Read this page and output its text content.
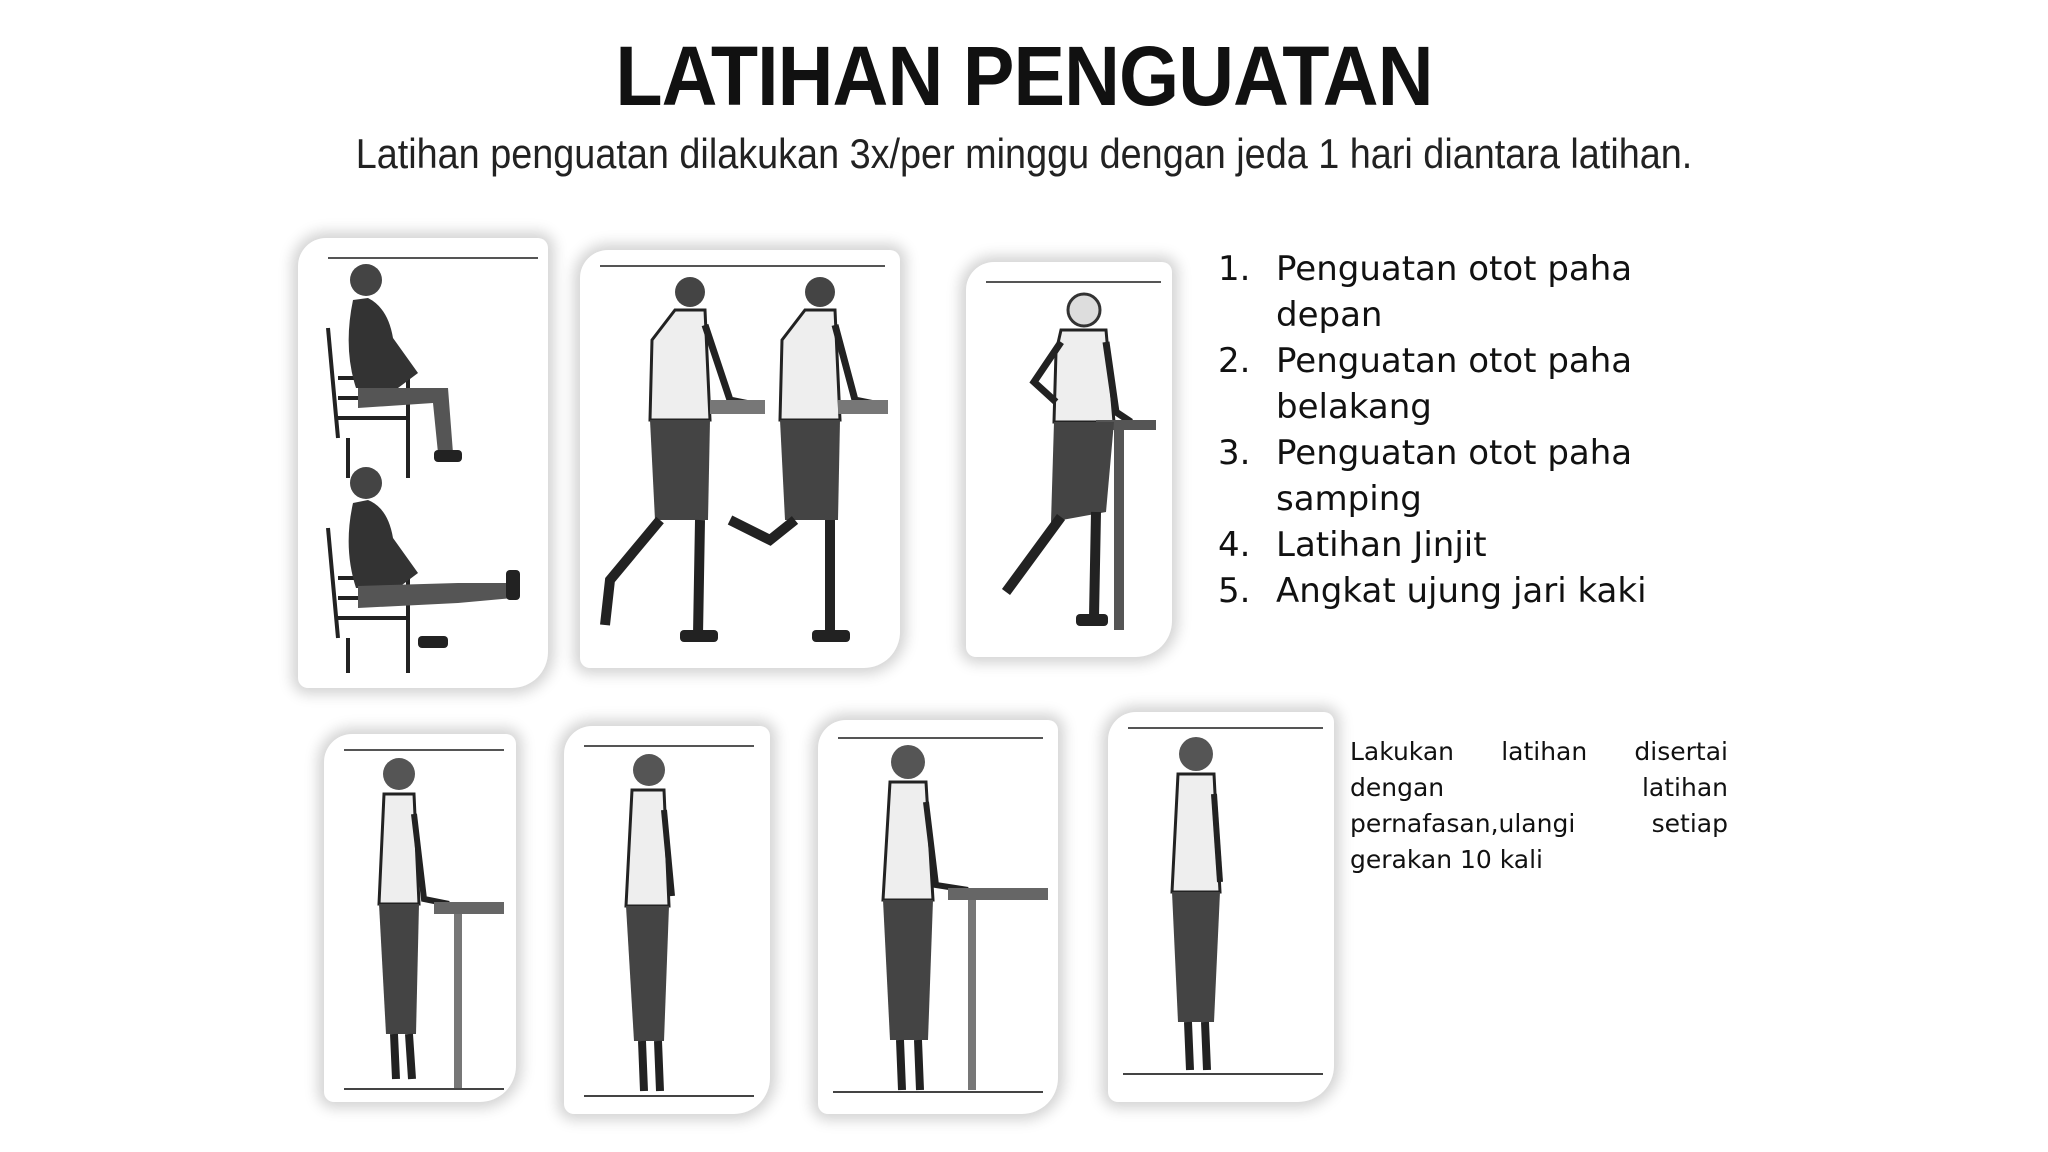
LATIHAN PENGUATAN
Latihan penguatan dilakukan 3x/per minggu dengan jeda 1 hari diantara latihan.
1. Penguatan otot paha depan
2. Penguatan otot paha belakang
3. Penguatan otot paha samping
4. Latihan Jinjit
5. Angkat ujung jari kaki
Lakukan latihan disertai dengan latihan pernafasan,ulangi setiap gerakan 10 kali
